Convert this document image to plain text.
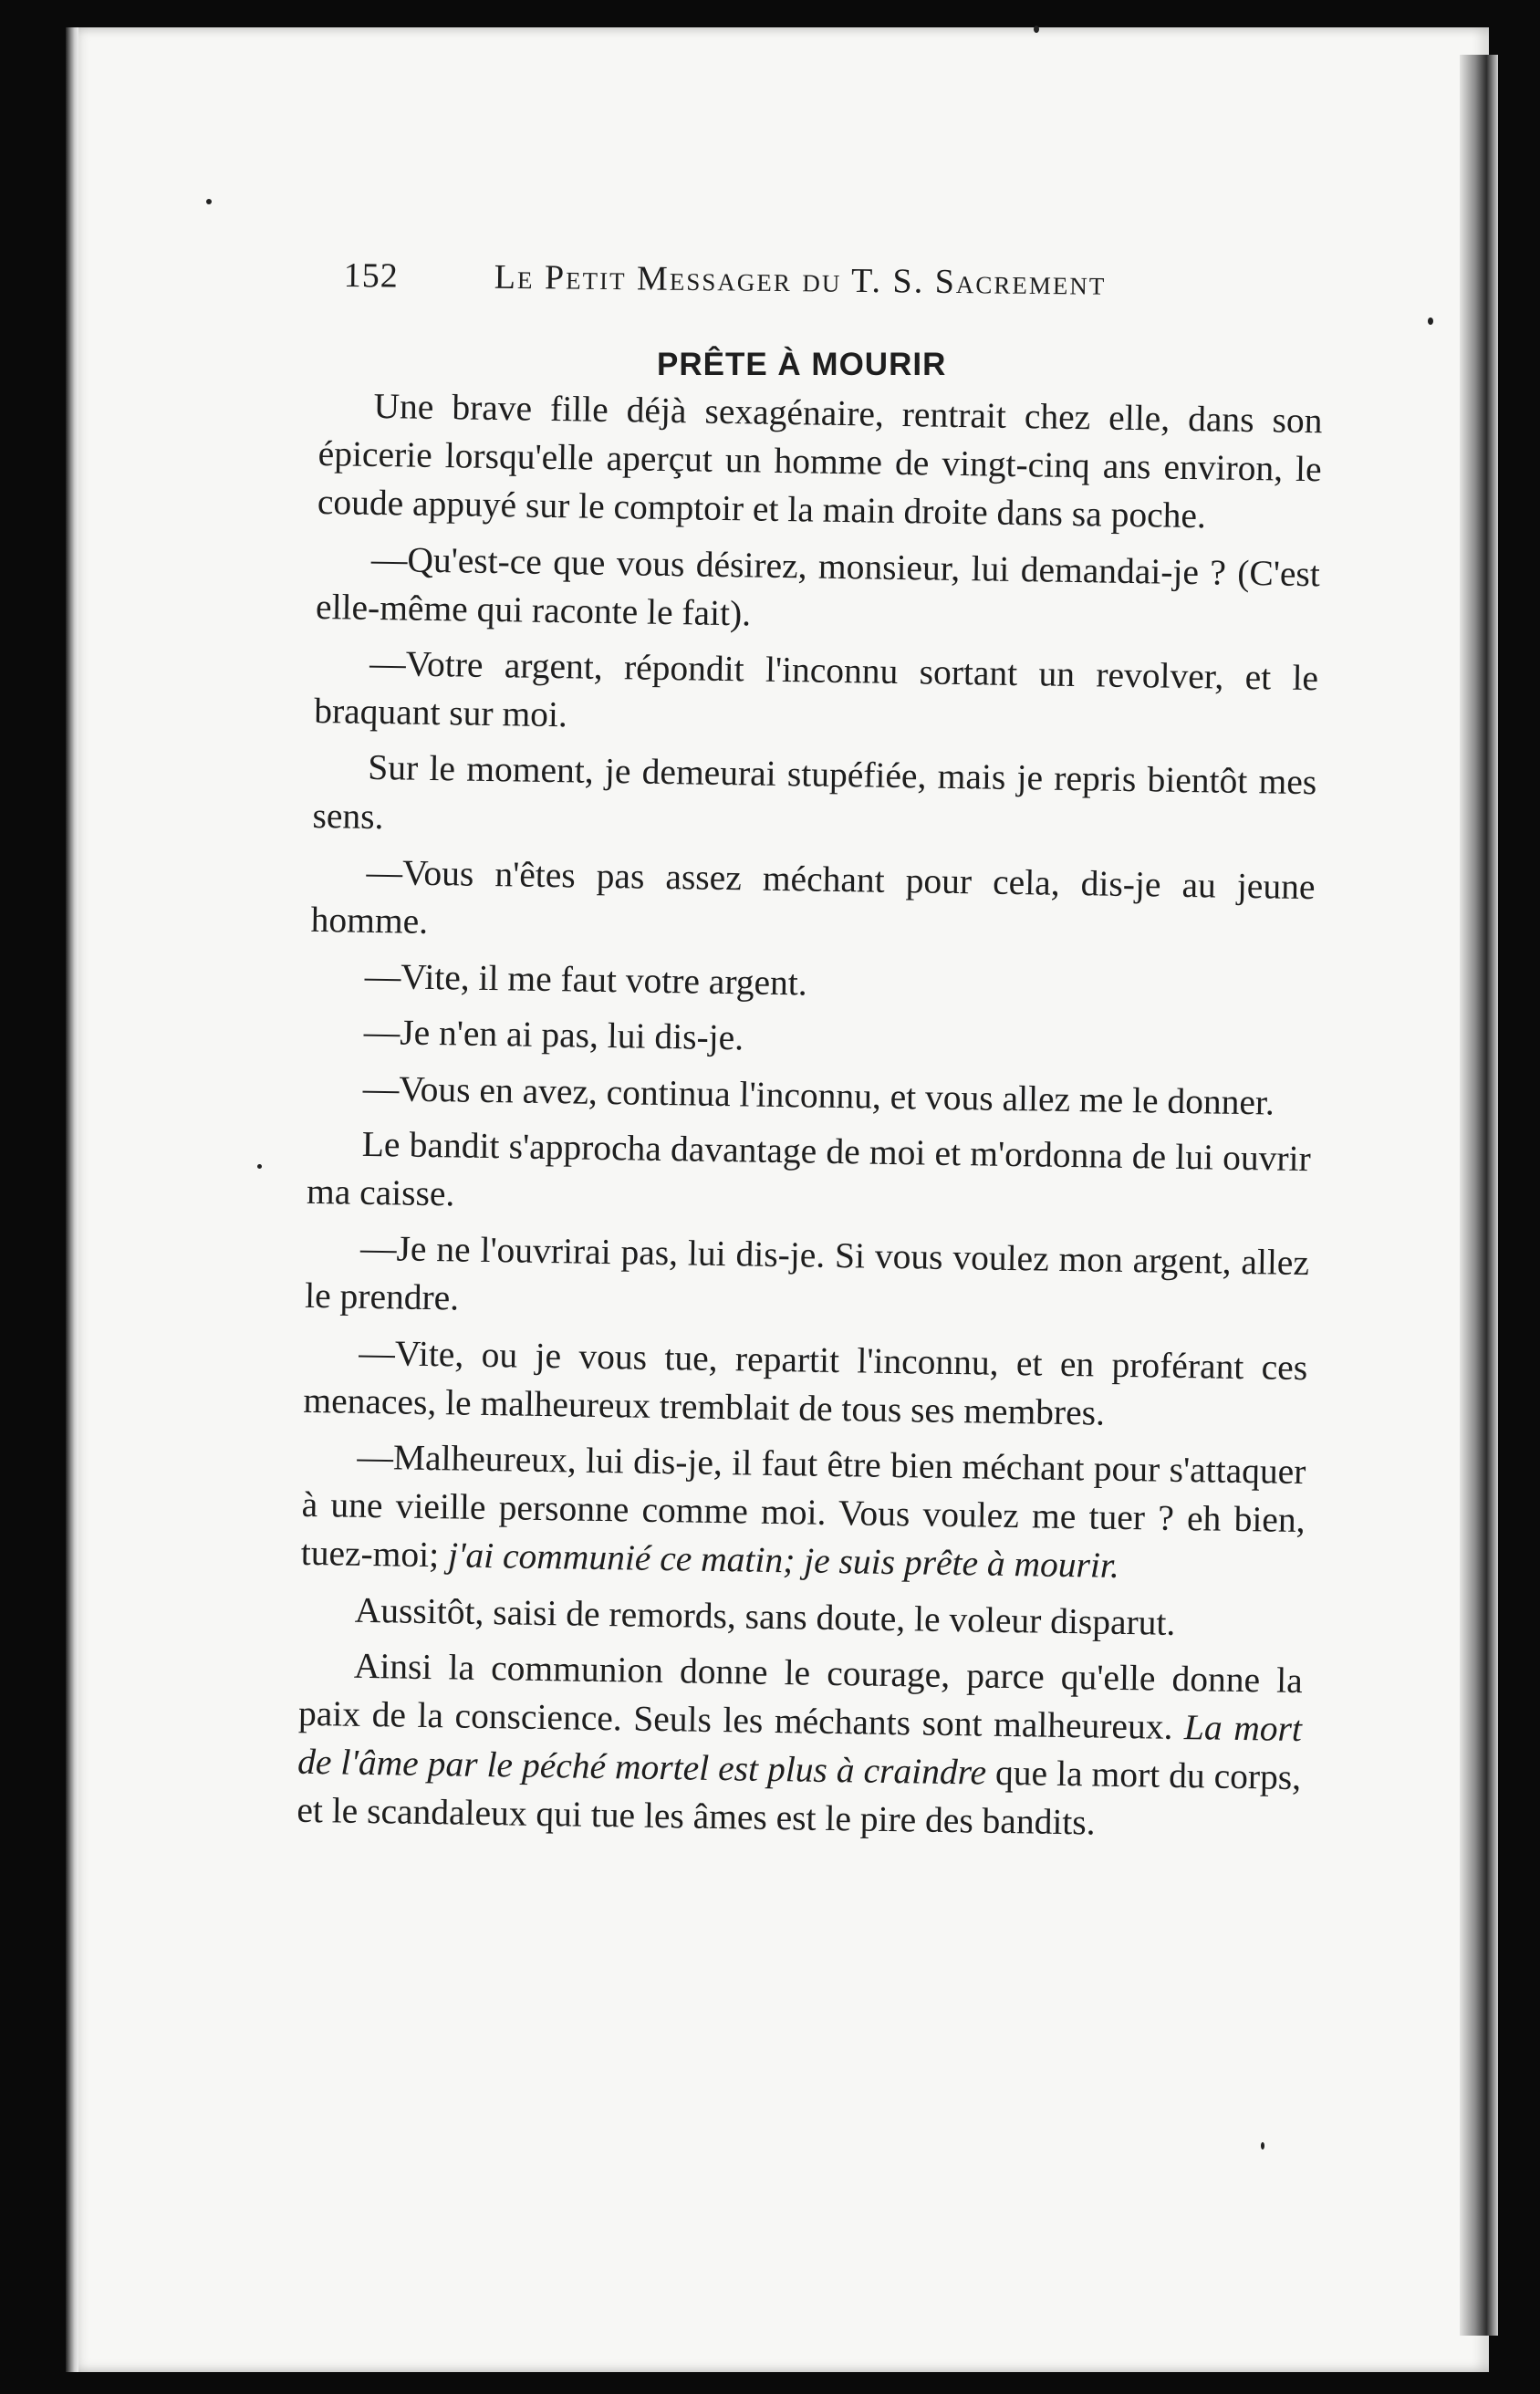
152	Le Petit Messager du T. S. Sacrement
PRÊTE À MOURIR

Une brave fille déjà sexagénaire, rentrait chez elle, dans son épicerie lorsqu'elle aperçut un homme de vingt-cinq ans environ, le coude appuyé sur le comptoir et la main droite dans sa poche.

—Qu'est-ce que vous désirez, monsieur, lui demandai-je ? (C'est elle-même qui raconte le fait).

—Votre argent, répondit l'inconnu sortant un revolver, et le braquant sur moi.

Sur le moment, je demeurai stupéfiée, mais je repris bientôt mes sens.

—Vous n'êtes pas assez méchant pour cela, dis-je au jeune homme.

—Vite, il me faut votre argent.

—Je n'en ai pas, lui dis-je.

—Vous en avez, continua l'inconnu, et vous allez me le donner.

Le bandit s'approcha davantage de moi et m'ordonna de lui ouvrir ma caisse.

—Je ne l'ouvrirai pas, lui dis-je. Si vous voulez mon argent, allez le prendre.

—Vite, ou je vous tue, repartit l'inconnu, et en proférant ces menaces, le malheureux tremblait de tous ses membres.

—Malheureux, lui dis-je, il faut être bien méchant pour s'attaquer à une vieille personne comme moi. Vous voulez me tuer ? eh bien, tuez-moi; j'ai communié ce matin; je suis prête à mourir.

Aussitôt, saisi de remords, sans doute, le voleur disparut.

Ainsi la communion donne le courage, parce qu'elle donne la paix de la conscience. Seuls les méchants sont malheureux. La mort de l'âme par le péché mortel est plus à craindre que la mort du corps, et le scandaleux qui tue les âmes est le pire des bandits.
